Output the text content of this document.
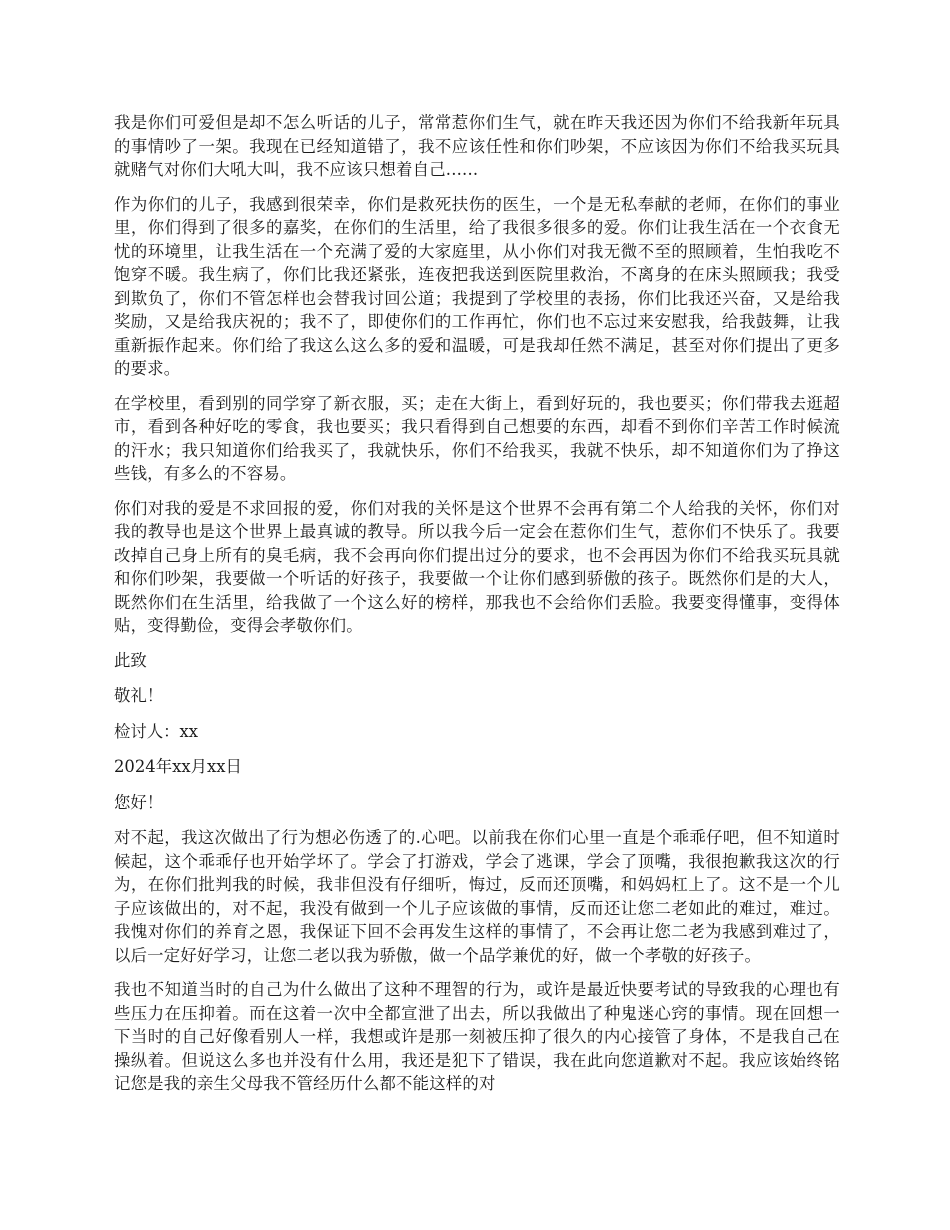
我是你们可爱但是却不怎么听话的儿子，常常惹你们生气，就在昨天我还因为你们不给我新年玩具的事情吵了一架。我现在已经知道错了，我不应该任性和你们吵架，不应该因为你们不给我买玩具就赌气对你们大吼大叫，我不应该只想着自己......

作为你们的儿子，我感到很荣幸，你们是救死扶伤的医生，一个是无私奉献的老师，在你们的事业里，你们得到了很多的嘉奖，在你们的生活里，给了我很多很多的爱。你们让我生活在一个衣食无忧的环境里，让我生活在一个充满了爱的大家庭里，从小你们对我无微不至的照顾着，生怕我吃不饱穿不暖。我生病了，你们比我还紧张，连夜把我送到医院里救治，不离身的在床头照顾我；我受到欺负了，你们不管怎样也会替我讨回公道；我提到了学校里的表扬，你们比我还兴奋，又是给我奖励，又是给我庆祝的；我不了，即使你们的工作再忙，你们也不忘过来安慰我，给我鼓舞，让我重新振作起来。你们给了我这么这么多的爱和温暖，可是我却任然不满足，甚至对你们提出了更多的要求。

在学校里，看到别的同学穿了新衣服，买；走在大街上，看到好玩的，我也要买；你们带我去逛超市，看到各种好吃的零食，我也要买；我只看得到自己想要的东西，却看不到你们辛苦工作时候流的汗水；我只知道你们给我买了，我就快乐，你们不给我买，我就不快乐，却不知道你们为了挣这些钱，有多么的不容易。

你们对我的爱是不求回报的爱，你们对我的关怀是这个世界不会再有第二个人给我的关怀，你们对我的教导也是这个世界上最真诚的教导。所以我今后一定会在惹你们生气，惹你们不快乐了。我要改掉自己身上所有的臭毛病，我不会再向你们提出过分的要求，也不会再因为你们不给我买玩具就和你们吵架，我要做一个听话的好孩子，我要做一个让你们感到骄傲的孩子。既然你们是的大人，既然你们在生活里，给我做了一个这么好的榜样，那我也不会给你们丢脸。我要变得懂事，变得体贴，变得勤俭，变得会孝敬你们。

此致

敬礼！

检讨人：xx

2024年xx月xx日

您好！

对不起，我这次做出了行为想必伤透了的.心吧。以前我在你们心里一直是个乖乖仔吧，但不知道时候起，这个乖乖仔也开始学坏了。学会了打游戏，学会了逃课，学会了顶嘴，我很抱歉我这次的行为，在你们批判我的时候，我非但没有仔细听，悔过，反而还顶嘴，和妈妈杠上了。这不是一个儿子应该做出的，对不起，我没有做到一个儿子应该做的事情，反而还让您二老如此的难过，难过。我愧对你们的养育之恩，我保证下回不会再发生这样的事情了，不会再让您二老为我感到难过了，以后一定好好学习，让您二老以我为骄傲，做一个品学兼优的好，做一个孝敬的好孩子。

我也不知道当时的自己为什么做出了这种不理智的行为，或许是最近快要考试的导致我的心理也有些压力在压抑着。而在这着一次中全都宣泄了出去，所以我做出了种鬼迷心窍的事情。现在回想一下当时的自己好像看别人一样，我想或许是那一刻被压抑了很久的内心接管了身体，不是我自己在操纵着。但说这么多也并没有什么用，我还是犯下了错误，我在此向您道歉对不起。我应该始终铭记您是我的亲生父母我不管经历什么都不能这样的对
